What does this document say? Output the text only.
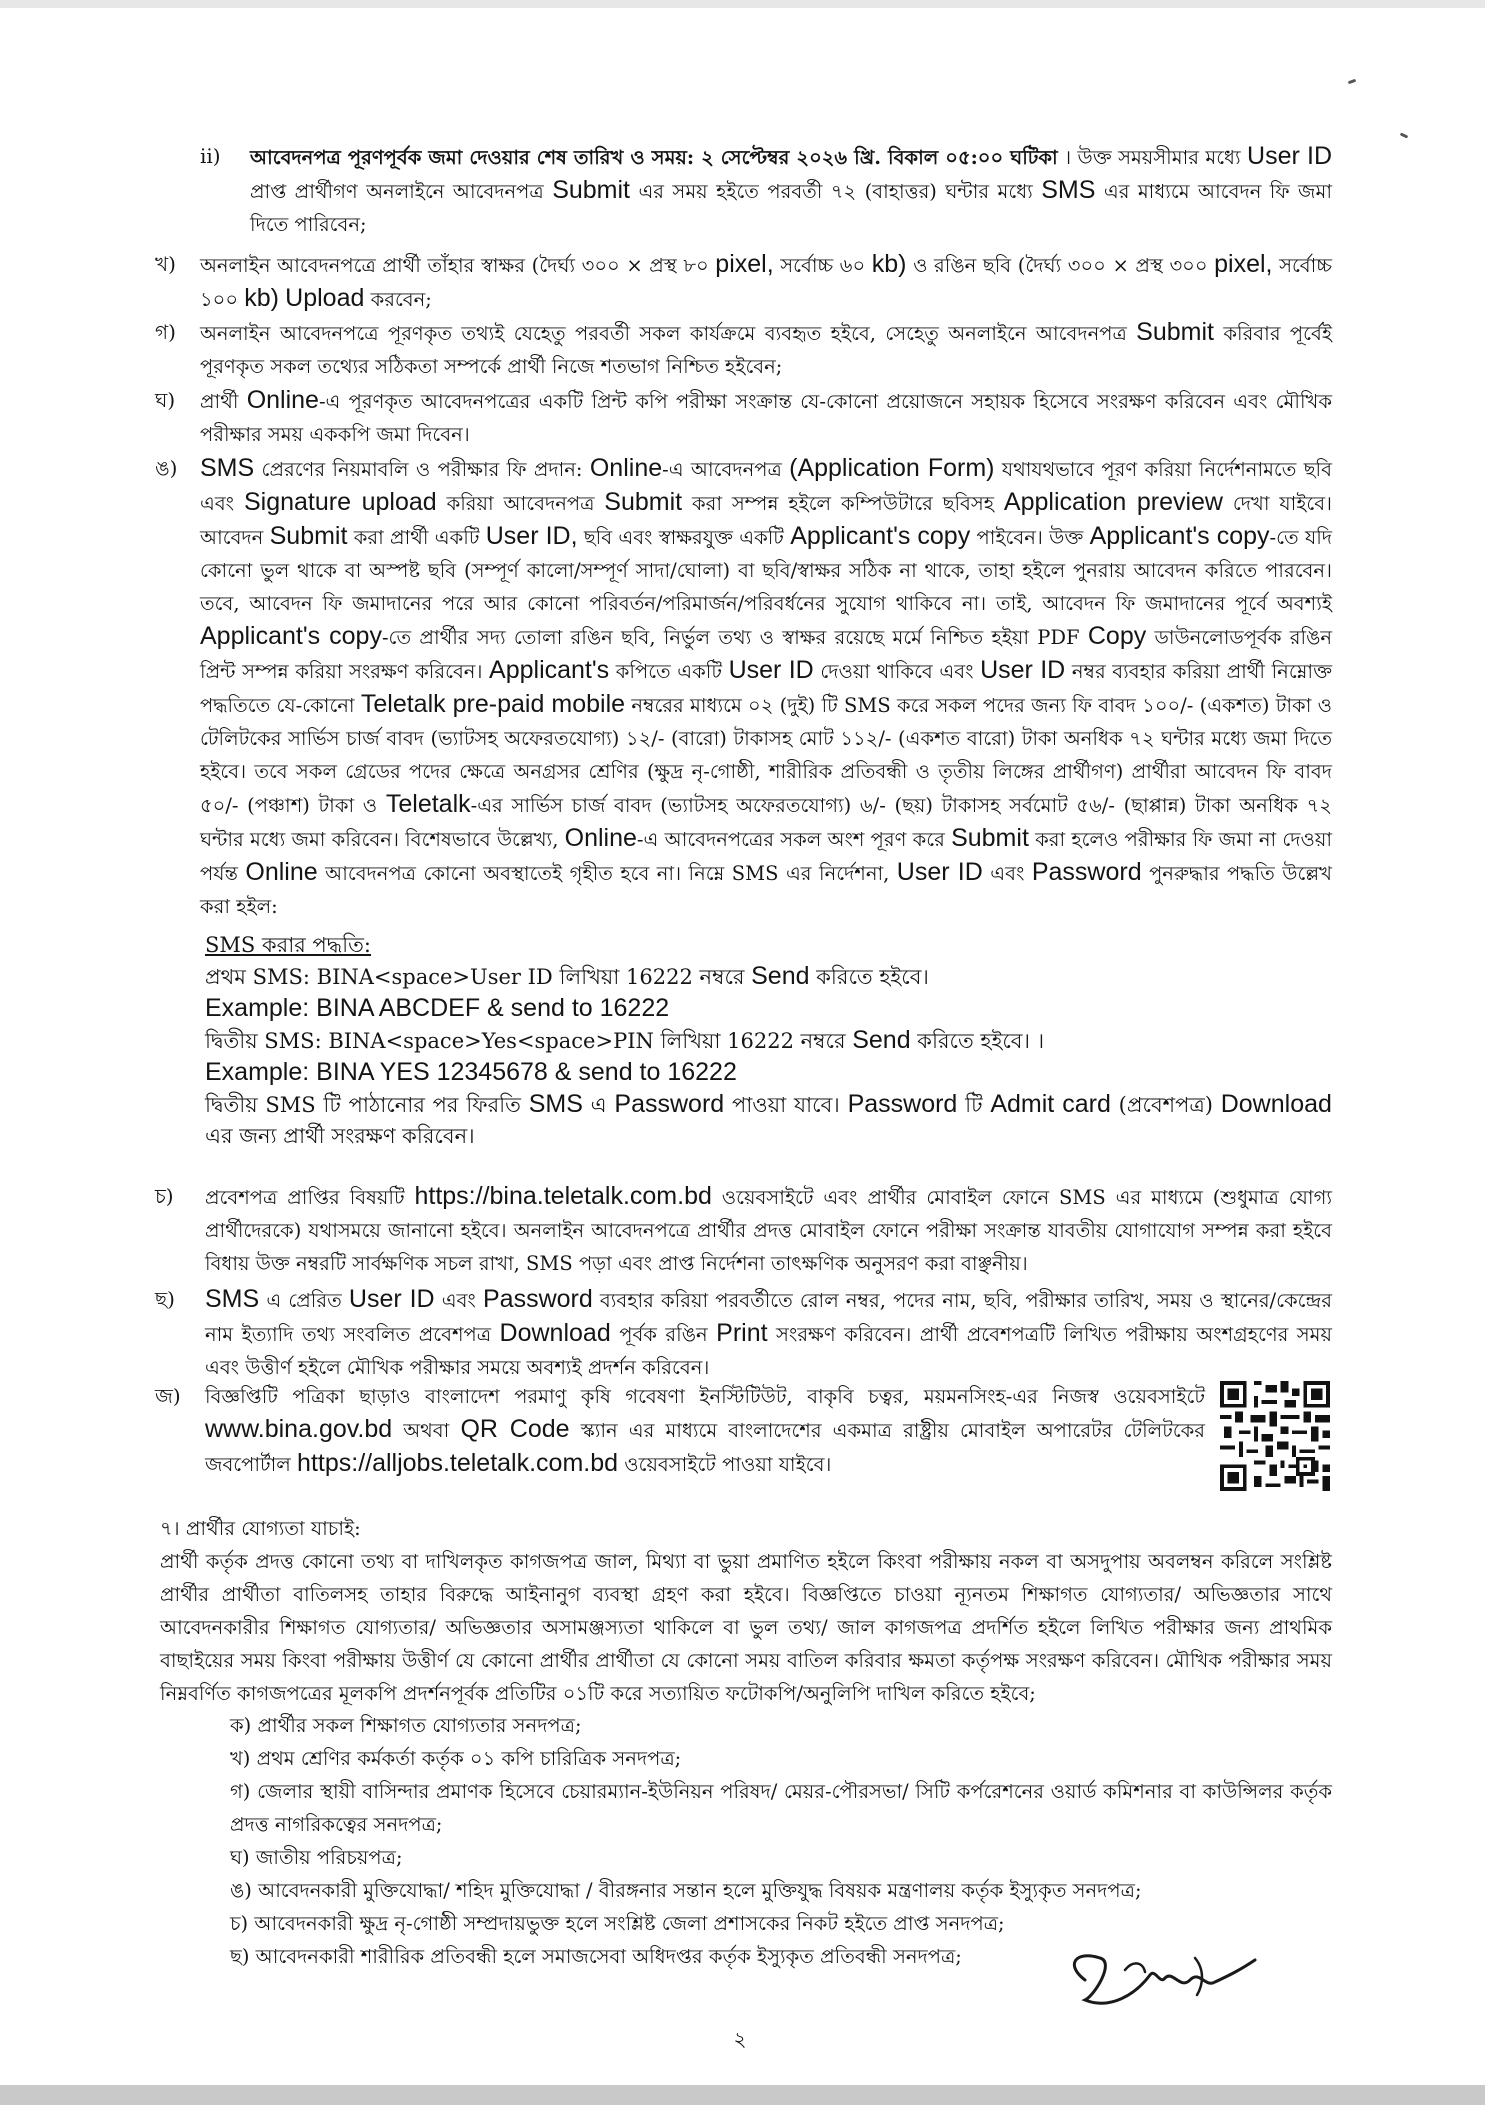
ii) আবেদনপত্র পূরণপূর্বক জমা দেওয়ার শেষ তারিখ ও সময়: ২ সেপ্টেম্বর ২০২৬ খ্রি. বিকাল ০৫:০০ ঘটিকা । উক্ত সময়সীমার মধ্যে User ID প্রাপ্ত প্রার্থীগণ অনলাইনে আবেদনপত্র Submit এর সময় হইতে পরবর্তী ৭২ (বাহাত্তর) ঘন্টার মধ্যে SMS এর মাধ্যমে আবেদন ফি জমা দিতে পারিবেন;

খ) অনলাইন আবেদনপত্রে প্রার্থী তাঁহার স্বাক্ষর (দৈর্ঘ্য ৩০০ × প্রস্থ ৮০ pixel, সর্বোচ্চ ৬০ kb) ও রঙিন ছবি (দৈর্ঘ্য ৩০০ × প্রস্থ ৩০০ pixel, সর্বোচ্চ ১০০ kb) Upload করবেন;

গ) অনলাইন আবেদনপত্রে পূরণকৃত তথ্যই যেহেতু পরবর্তী সকল কার্যক্রমে ব্যবহৃত হইবে, সেহেতু অনলাইনে আবেদনপত্র Submit করিবার পূর্বেই পূরণকৃত সকল তথ্যের সঠিকতা সম্পর্কে প্রার্থী নিজে শতভাগ নিশ্চিত হইবেন;

ঘ) প্রার্থী Online-এ পূরণকৃত আবেদনপত্রের একটি প্রিন্ট কপি পরীক্ষা সংক্রান্ত যে-কোনো প্রয়োজনে সহায়ক হিসেবে সংরক্ষণ করিবেন এবং মৌখিক পরীক্ষার সময় এককপি জমা দিবেন।

ঙ) SMS প্রেরণের নিয়মাবলি ও পরীক্ষার ফি প্রদান: Online-এ আবেদনপত্র (Application Form) যথাযথভাবে পূরণ করিয়া নির্দেশনামতে ছবি এবং Signature upload করিয়া আবেদনপত্র Submit করা সম্পন্ন হইলে কম্পিউটারে ছবিসহ Application preview দেখা যাইবে। আবেদন Submit করা প্রার্থী একটি User ID, ছবি এবং স্বাক্ষরযুক্ত একটি Applicant's copy পাইবেন। উক্ত Applicant's copy-তে যদি কোনো ভুল থাকে বা অস্পষ্ট ছবি (সম্পূর্ণ কালো/সম্পূর্ণ সাদা/ঘোলা) বা ছবি/স্বাক্ষর সঠিক না থাকে, তাহা হইলে পুনরায় আবেদন করিতে পারবেন। তবে, আবেদন ফি জমাদানের পরে আর কোনো পরিবর্তন/পরিমার্জন/পরিবর্ধনের সুযোগ থাকিবে না। তাই, আবেদন ফি জমাদানের পূর্বে অবশ্যই Applicant's copy-তে প্রার্থীর সদ্য তোলা রঙিন ছবি, নির্ভুল তথ্য ও স্বাক্ষর রয়েছে মর্মে নিশ্চিত হইয়া PDF Copy ডাউনলোডপূর্বক রঙিন প্রিন্ট সম্পন্ন করিয়া সংরক্ষণ করিবেন। Applicant's কপিতে একটি User ID দেওয়া থাকিবে এবং User ID নম্বর ব্যবহার করিয়া প্রার্থী নিম্নোক্ত পদ্ধতিতে যে-কোনো Teletalk pre-paid mobile নম্বরের মাধ্যমে ০২ (দুই) টি SMS করে সকল পদের জন্য ফি বাবদ ১০০/- (একশত) টাকা ও টেলিটকের সার্ভিস চার্জ বাবদ (ভ্যাটসহ অফেরতযোগ্য) ১২/- (বারো) টাকাসহ মোট ১১২/- (একশত বারো) টাকা অনধিক ৭২ ঘন্টার মধ্যে জমা দিতে হইবে। তবে সকল গ্রেডের পদের ক্ষেত্রে অনগ্রসর শ্রেণির (ক্ষুদ্র নৃ-গোষ্ঠী, শারীরিক প্রতিবন্ধী ও তৃতীয় লিঙ্গের প্রার্থীগণ) প্রার্থীরা আবেদন ফি বাবদ ৫০/- (পঞ্চাশ) টাকা ও Teletalk-এর সার্ভিস চার্জ বাবদ (ভ্যাটসহ অফেরতযোগ্য) ৬/- (ছয়) টাকাসহ সর্বমোট ৫৬/- (ছাপ্পান্ন) টাকা অনধিক ৭২ ঘন্টার মধ্যে জমা করিবেন। বিশেষভাবে উল্লেখ্য, Online-এ আবেদনপত্রের সকল অংশ পূরণ করে Submit করা হলেও পরীক্ষার ফি জমা না দেওয়া পর্যন্ত Online আবেদনপত্র কোনো অবস্থাতেই গৃহীত হবে না। নিম্নে SMS এর নির্দেশনা, User ID এবং Password পুনরুদ্ধার পদ্ধতি উল্লেখ করা হইল:

SMS করার পদ্ধতি:

প্রথম SMS: BINA<space>User ID লিখিয়া 16222 নম্বরে Send করিতে হইবে।

Example: BINA ABCDEF & send to 16222

দ্বিতীয় SMS: BINA<space>Yes<space>PIN লিখিয়া 16222 নম্বরে Send করিতে হইবে। ।

Example: BINA YES 12345678 & send to 16222

দ্বিতীয় SMS টি পাঠানোর পর ফিরতি SMS এ Password পাওয়া যাবে। Password টি Admit card (প্রবেশপত্র) Download এর জন্য প্রার্থী সংরক্ষণ করিবেন।

চ) প্রবেশপত্র প্রাপ্তির বিষয়টি https://bina.teletalk.com.bd ওয়েবসাইটে এবং প্রার্থীর মোবাইল ফোনে SMS এর মাধ্যমে (শুধুমাত্র যোগ্য প্রার্থীদেরকে) যথাসময়ে জানানো হইবে। অনলাইন আবেদনপত্রে প্রার্থীর প্রদত্ত মোবাইল ফোনে পরীক্ষা সংক্রান্ত যাবতীয় যোগাযোগ সম্পন্ন করা হইবে বিধায় উক্ত নম্বরটি সার্বক্ষণিক সচল রাখা, SMS পড়া এবং প্রাপ্ত নির্দেশনা তাৎক্ষণিক অনুসরণ করা বাঞ্ছনীয়।

ছ) SMS এ প্রেরিত User ID এবং Password ব্যবহার করিয়া পরবর্তীতে রোল নম্বর, পদের নাম, ছবি, পরীক্ষার তারিখ, সময় ও স্থানের/কেন্দ্রের নাম ইত্যাদি তথ্য সংবলিত প্রবেশপত্র Download পূর্বক রঙিন Print সংরক্ষণ করিবেন। প্রার্থী প্রবেশপত্রটি লিখিত পরীক্ষায় অংশগ্রহণের সময় এবং উত্তীর্ণ হইলে মৌখিক পরীক্ষার সময়ে অবশ্যই প্রদর্শন করিবেন।

জ) বিজ্ঞপ্তিটি পত্রিকা ছাড়াও বাংলাদেশ পরমাণু কৃষি গবেষণা ইনস্টিটিউট, বাকৃবি চত্বর, ময়মনসিংহ-এর নিজস্ব ওয়েবসাইটে www.bina.gov.bd অথবা QR Code স্ক্যান এর মাধ্যমে বাংলাদেশের একমাত্র রাষ্ট্রীয় মোবাইল অপারেটর টেলিটকের জবপোর্টাল https://alljobs.teletalk.com.bd ওয়েবসাইটে পাওয়া যাইবে।

৭। প্রার্থীর যোগ্যতা যাচাই:

প্রার্থী কর্তৃক প্রদত্ত কোনো তথ্য বা দাখিলকৃত কাগজপত্র জাল, মিথ্যা বা ভুয়া প্রমাণিত হইলে কিংবা পরীক্ষায় নকল বা অসদুপায় অবলম্বন করিলে সংশ্লিষ্ট প্রার্থীর প্রার্থীতা বাতিলসহ তাহার বিরুদ্ধে আইনানুগ ব্যবস্থা গ্রহণ করা হইবে। বিজ্ঞপ্তিতে চাওয়া ন্যূনতম শিক্ষাগত যোগ্যতার/ অভিজ্ঞতার সাথে আবেদনকারীর শিক্ষাগত যোগ্যতার/ অভিজ্ঞতার অসামঞ্জস্যতা থাকিলে বা ভুল তথ্য/ জাল কাগজপত্র প্রদর্শিত হইলে লিখিত পরীক্ষার জন্য প্রাথমিক বাছাইয়ের সময় কিংবা পরীক্ষায় উত্তীর্ণ যে কোনো প্রার্থীর প্রার্থীতা যে কোনো সময় বাতিল করিবার ক্ষমতা কর্তৃপক্ষ সংরক্ষণ করিবেন। মৌখিক পরীক্ষার সময় নিম্নবর্ণিত কাগজপত্রের মূলকপি প্রদর্শনপূর্বক প্রতিটির ০১টি করে সত্যায়িত ফটোকপি/অনুলিপি দাখিল করিতে হইবে;

ক) প্রার্থীর সকল শিক্ষাগত যোগ্যতার সনদপত্র;

খ) প্রথম শ্রেণির কর্মকর্তা কর্তৃক ০১ কপি চারিত্রিক সনদপত্র;

গ) জেলার স্থায়ী বাসিন্দার প্রমাণক হিসেবে চেয়ারম্যান-ইউনিয়ন পরিষদ/ মেয়র-পৌরসভা/ সিটি কর্পরেশনের ওয়ার্ড কমিশনার বা কাউন্সিলর কর্তৃক প্রদত্ত নাগরিকত্বের সনদপত্র;

ঘ) জাতীয় পরিচয়পত্র;

ঙ) আবেদনকারী মুক্তিযোদ্ধা/ শহিদ মুক্তিযোদ্ধা / বীরঙ্গনার সন্তান হলে মুক্তিযুদ্ধ বিষয়ক মন্ত্রণালয় কর্তৃক ইস্যুকৃত সনদপত্র;

চ) আবেদনকারী ক্ষুদ্র নৃ-গোষ্ঠী সম্প্রদায়ভুক্ত হলে সংশ্লিষ্ট জেলা প্রশাসকের নিকট হইতে প্রাপ্ত সনদপত্র;

ছ) আবেদনকারী শারীরিক প্রতিবন্ধী হলে সমাজসেবা অধিদপ্তর কর্তৃক ইস্যুকৃত প্রতিবন্ধী সনদপত্র;

২
